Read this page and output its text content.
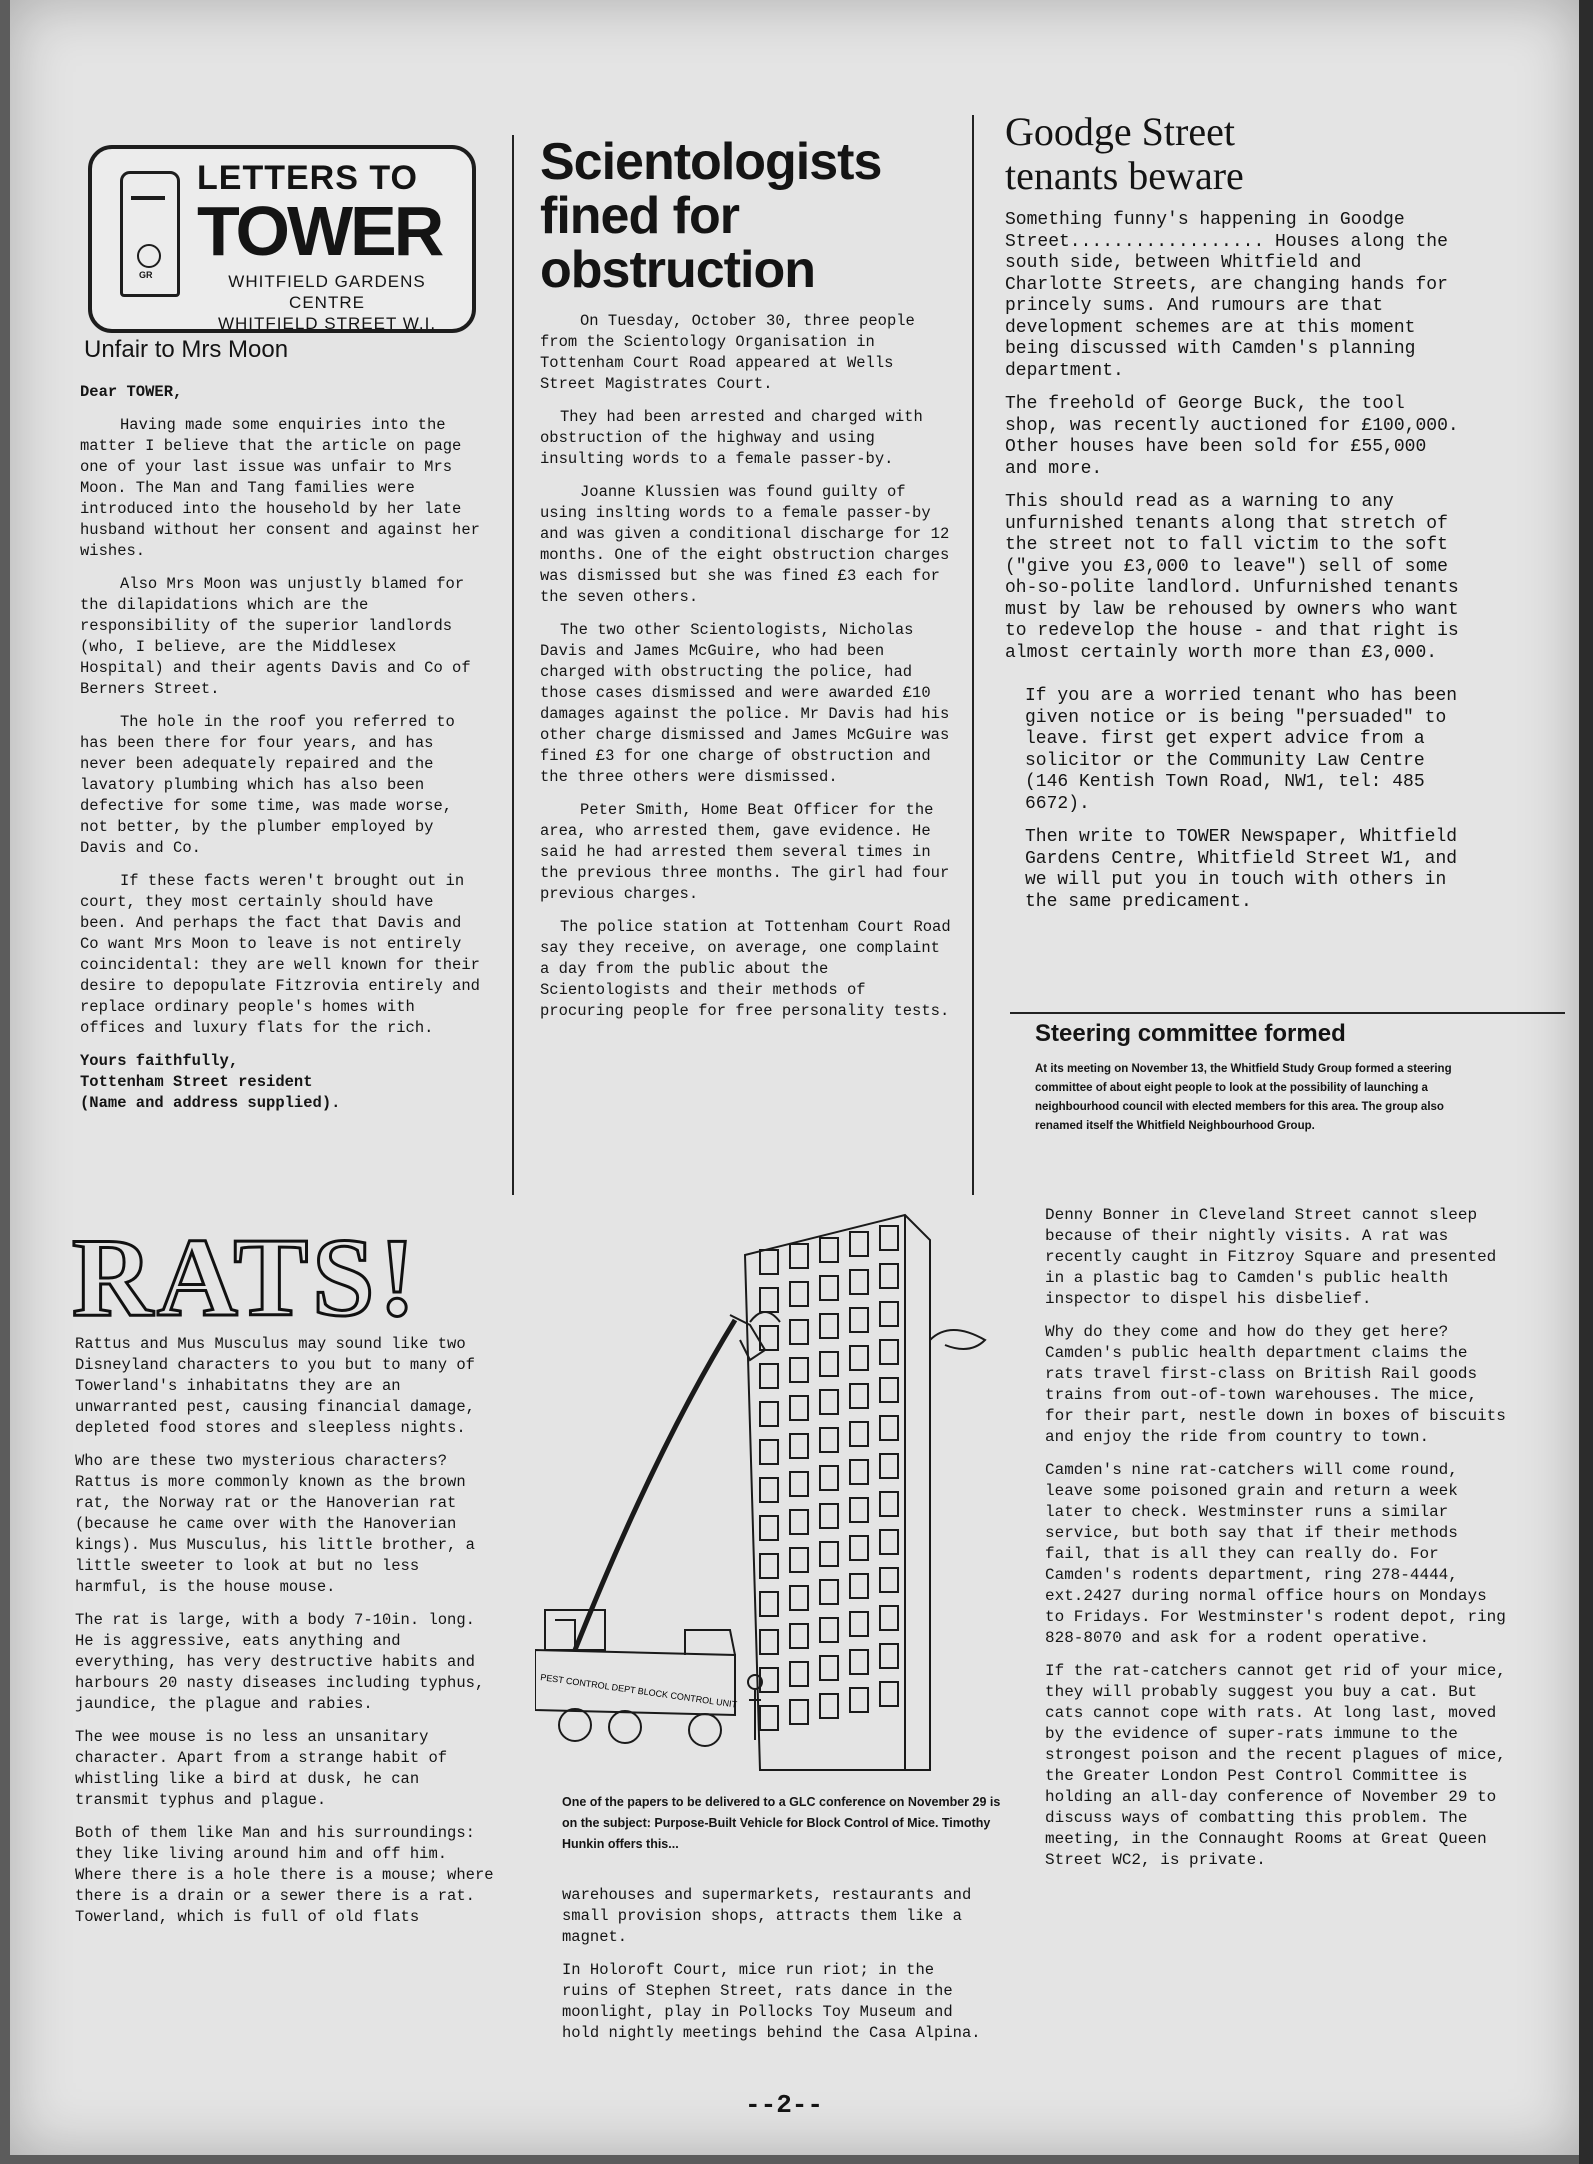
GR
LETTERS TO
TOWER
WHITFIELD GARDENS CENTRE
WHITFIELD STREET W.I.
Unfair to Mrs Moon

Dear TOWER,

Having made some enquiries into the matter I believe that the article on page one of your last issue was unfair to Mrs Moon. The Man and Tang families were introduced into the household by her late husband without her consent and against her wishes.

Also Mrs Moon was unjustly blamed for the dilapidations which are the responsibility of the superior landlords (who, I believe, are the Middlesex Hospital) and their agents Davis and Co of Berners Street.

The hole in the roof you referred to has been there for four years, and has never been adequately repaired and the lavatory plumbing which has also been defective for some time, was made worse, not better, by the plumber employed by Davis and Co.

If these facts weren't brought out in court, they most certainly should have been. And perhaps the fact that Davis and Co want Mrs Moon to leave is not entirely coincidental: they are well known for their desire to depopulate Fitzrovia entirely and replace ordinary people's homes with offices and luxury flats for the rich.

Yours faithfully,
Tottenham Street resident
(Name and address supplied).

Scientologists fined for obstruction

On Tuesday, October 30, three people from the Scientology Organisation in Tottenham Court Road appeared at Wells Street Magistrates Court.

They had been arrested and charged with obstruction of the highway and using insulting words to a female passer-by.

Joanne Klussien was found guilty of using inslting words to a female passer-by and was given a conditional discharge for 12 months. One of the eight obstruction charges was dismissed but she was fined £3 each for the seven others.

The two other Scientologists, Nicholas Davis and James McGuire, who had been charged with obstructing the police, had those cases dismissed and were awarded £10 damages against the police. Mr Davis had his other charge dismissed and James McGuire was fined £3 for one charge of obstruction and the three others were dismissed.

Peter Smith, Home Beat Officer for the area, who arrested them, gave evidence. He said he had arrested them several times in the previous three months. The girl had four previous charges.

The police station at Tottenham Court Road say they receive, on average, one complaint a day from the public about the Scientologists and their methods of procuring people for free personality tests.

Goodge Street tenants beware

Something funny's happening in Goodge Street.................. Houses along the south side, between Whitfield and Charlotte Streets, are changing hands for princely sums. And rumours are that development schemes are at this moment being discussed with Camden's planning department.

The freehold of George Buck, the tool shop, was recently auctioned for £100,000. Other houses have been sold for £55,000 and more.

This should read as a warning to any unfurnished tenants along that stretch of the street not to fall victim to the soft ("give you £3,000 to leave") sell of some oh-so-polite landlord. Unfurnished tenants must by law be rehoused by owners who want to redevelop the house - and that right is almost certainly worth more than £3,000.

If you are a worried tenant who has been given notice or is being "persuaded" to leave. first get expert advice from a solicitor or the Community Law Centre (146 Kentish Town Road, NW1, tel: 485 6672).

Then write to TOWER Newspaper, Whitfield Gardens Centre, Whitfield Street W1, and we will put you in touch with others in the same predicament.

Steering committee formed
At its meeting on November 13, the Whitfield Study Group formed a steering committee of about eight people to look at the possibility of launching a neighbourhood council with elected members for this area. The group also renamed itself the Whitfield Neighbourhood Group.
RATS!

Rattus and Mus Musculus may sound like two Disneyland characters to you but to many of Towerland's inhabitatns they are an unwarranted pest, causing financial damage, depleted food stores and sleepless nights.

Who are these two mysterious characters? Rattus is more commonly known as the brown rat, the Norway rat or the Hanoverian rat (because he came over with the Hanoverian kings). Mus Musculus, his little brother, a little sweeter to look at but no less harmful, is the house mouse.

The rat is large, with a body 7-10in. long. He is aggressive, eats anything and everything, has very destructive habits and harbours 20 nasty diseases including typhus, jaundice, the plague and rabies.

The wee mouse is no less an unsanitary character. Apart from a strange habit of whistling like a bird at dusk, he can transmit typhus and plague.

Both of them like Man and his surroundings: they like living around him and off him. Where there is a hole there is a mouse; where there is a drain or a sewer there is a rat. Towerland, which is full of old flats

PEST CONTROL DEPT BLOCK CONTROL UNIT
One of the papers to be delivered to a GLC conference on November 29 is on the subject: Purpose-Built Vehicle for Block Control of Mice. Timothy Hunkin offers this...

warehouses and supermarkets, restaurants and small provision shops, attracts them like a magnet.

In Holoroft Court, mice run riot; in the ruins of Stephen Street, rats dance in the moonlight, play in Pollocks Toy Museum and hold nightly meetings behind the Casa Alpina.

Denny Bonner in Cleveland Street cannot sleep because of their nightly visits. A rat was recently caught in Fitzroy Square and presented in a plastic bag to Camden's public health inspector to dispel his disbelief.

Why do they come and how do they get here? Camden's public health department claims the rats travel first-class on British Rail goods trains from out-of-town warehouses. The mice, for their part, nestle down in boxes of biscuits and enjoy the ride from country to town.

Camden's nine rat-catchers will come round, leave some poisoned grain and return a week later to check. Westminster runs a similar service, but both say that if their methods fail, that is all they can really do. For Camden's rodents department, ring 278-4444, ext.2427 during normal office hours on Mondays to Fridays. For Westminster's rodent depot, ring 828-8070 and ask for a rodent operative.

If the rat-catchers cannot get rid of your mice, they will probably suggest you buy a cat. But cats cannot cope with rats. At long last, moved by the evidence of super-rats immune to the strongest poison and the recent plagues of mice, the Greater London Pest Control Committee is holding an all-day conference of November 29 to discuss ways of combatting this problem. The meeting, in the Connaught Rooms at Great Queen Street WC2, is private.

--2--
